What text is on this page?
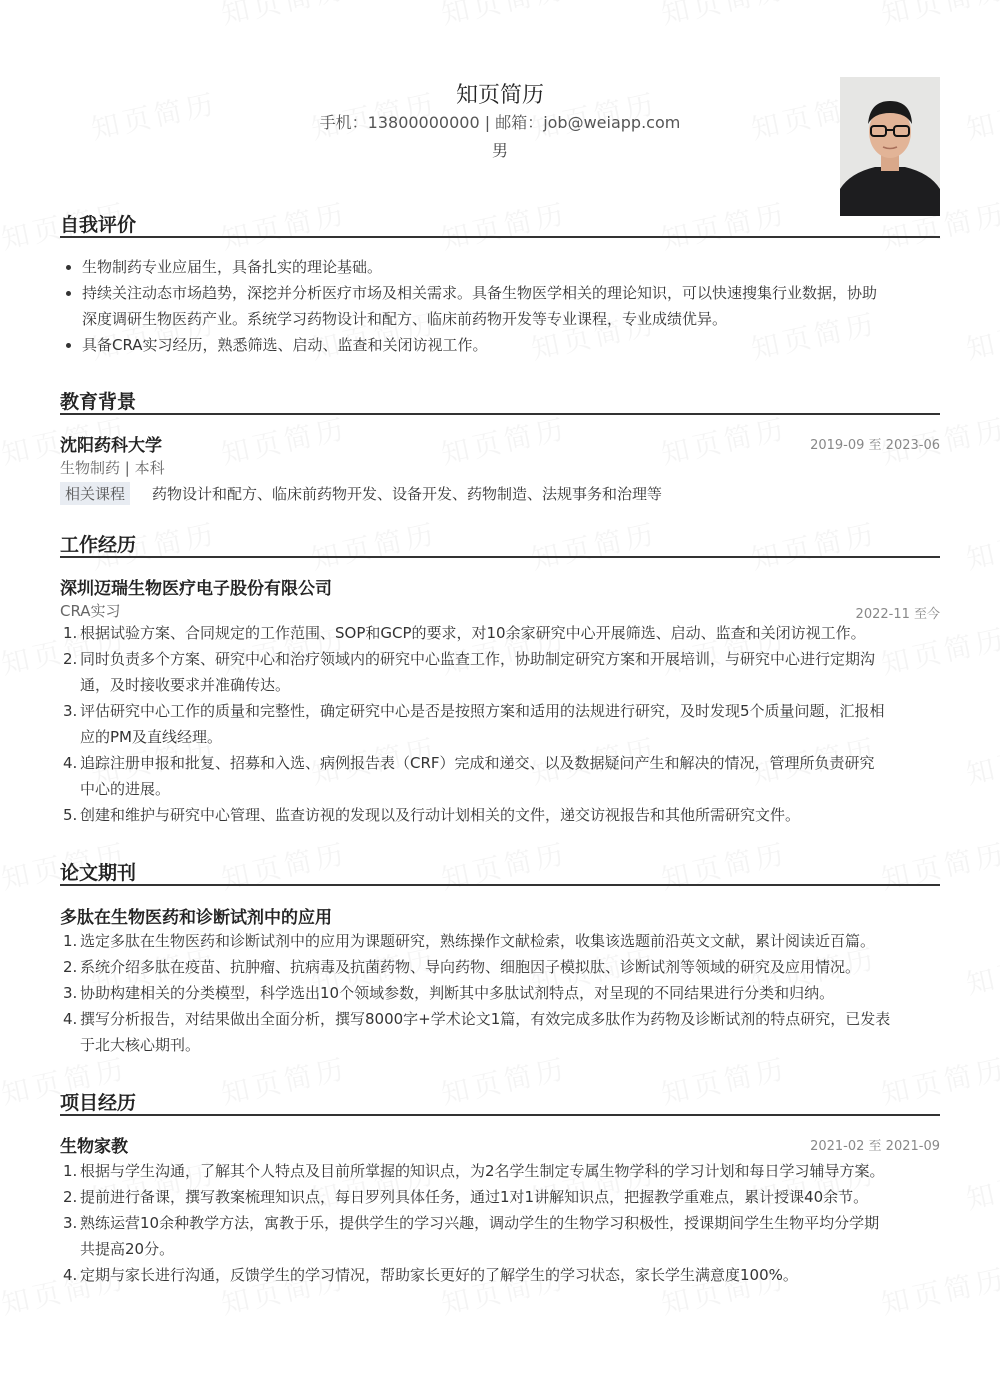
知页简历
手机：13800000000 | 邮箱：job@weiapp.com
男
自我评价
生物制药专业应届生，具备扎实的理论基础。
持续关注动态市场趋势，深挖并分析医疗市场及相关需求。具备生物医学相关的理论知识，可以快速搜集行业数据，协助
深度调研生物医药产业。系统学习药物设计和配方、临床前药物开发等专业课程，专业成绩优异。
具备CRA实习经历，熟悉筛选、启动、监查和关闭访视工作。
教育背景
沈阳药科大学	2019-09 至 2023-06
生物制药 | 本科
相关课程 药物设计和配方、临床前药物开发、设备开发、药物制造、法规事务和治理等
工作经历
深圳迈瑞生物医疗电子股份有限公司
CRA实习	2022-11 至今
1. 根据试验方案、合同规定的工作范围、SOP和GCP的要求，对10余家研究中心开展筛选、启动、监查和关闭访视工作。
2. 同时负责多个方案、研究中心和治疗领域内的研究中心监查工作，协助制定研究方案和开展培训，与研究中心进行定期沟
通，及时接收要求并准确传达。
3. 评估研究中心工作的质量和完整性，确定研究中心是否是按照方案和适用的法规进行研究，及时发现5个质量问题，汇报相
应的PM及直线经理。
4. 追踪注册申报和批复、招募和入选、病例报告表（CRF）完成和递交、以及数据疑问产生和解决的情况，管理所负责研究
中心的进展。
5. 创建和维护与研究中心管理、监查访视的发现以及行动计划相关的文件，递交访视报告和其他所需研究文件。
论文期刊
多肽在生物医药和诊断试剂中的应用
1. 选定多肽在生物医药和诊断试剂中的应用为课题研究，熟练操作文献检索，收集该选题前沿英文文献，累计阅读近百篇。
2. 系统介绍多肽在疫苗、抗肿瘤、抗病毒及抗菌药物、导向药物、细胞因子模拟肽、诊断试剂等领域的研究及应用情况。
3. 协助构建相关的分类模型，科学选出10个领域参数，判断其中多肽试剂特点，对呈现的不同结果进行分类和归纳。
4. 撰写分析报告，对结果做出全面分析，撰写8000字+学术论文1篇，有效完成多肽作为药物及诊断试剂的特点研究，已发表
于北大核心期刊。
项目经历
生物家教	2021-02 至 2021-09
1. 根据与学生沟通，了解其个人特点及目前所掌握的知识点，为2名学生制定专属生物学科的学习计划和每日学习辅导方案。
2. 提前进行备课，撰写教案梳理知识点，每日罗列具体任务，通过1对1讲解知识点，把握教学重难点，累计授课40余节。
3. 熟练运营10余种教学方法，寓教于乐，提供学生的学习兴趣，调动学生的生物学习积极性，授课期间学生生物平均分学期
共提高20分。
4. 定期与家长进行沟通，反馈学生的学习情况，帮助家长更好的了解学生的学习状态，家长学生满意度100%。
